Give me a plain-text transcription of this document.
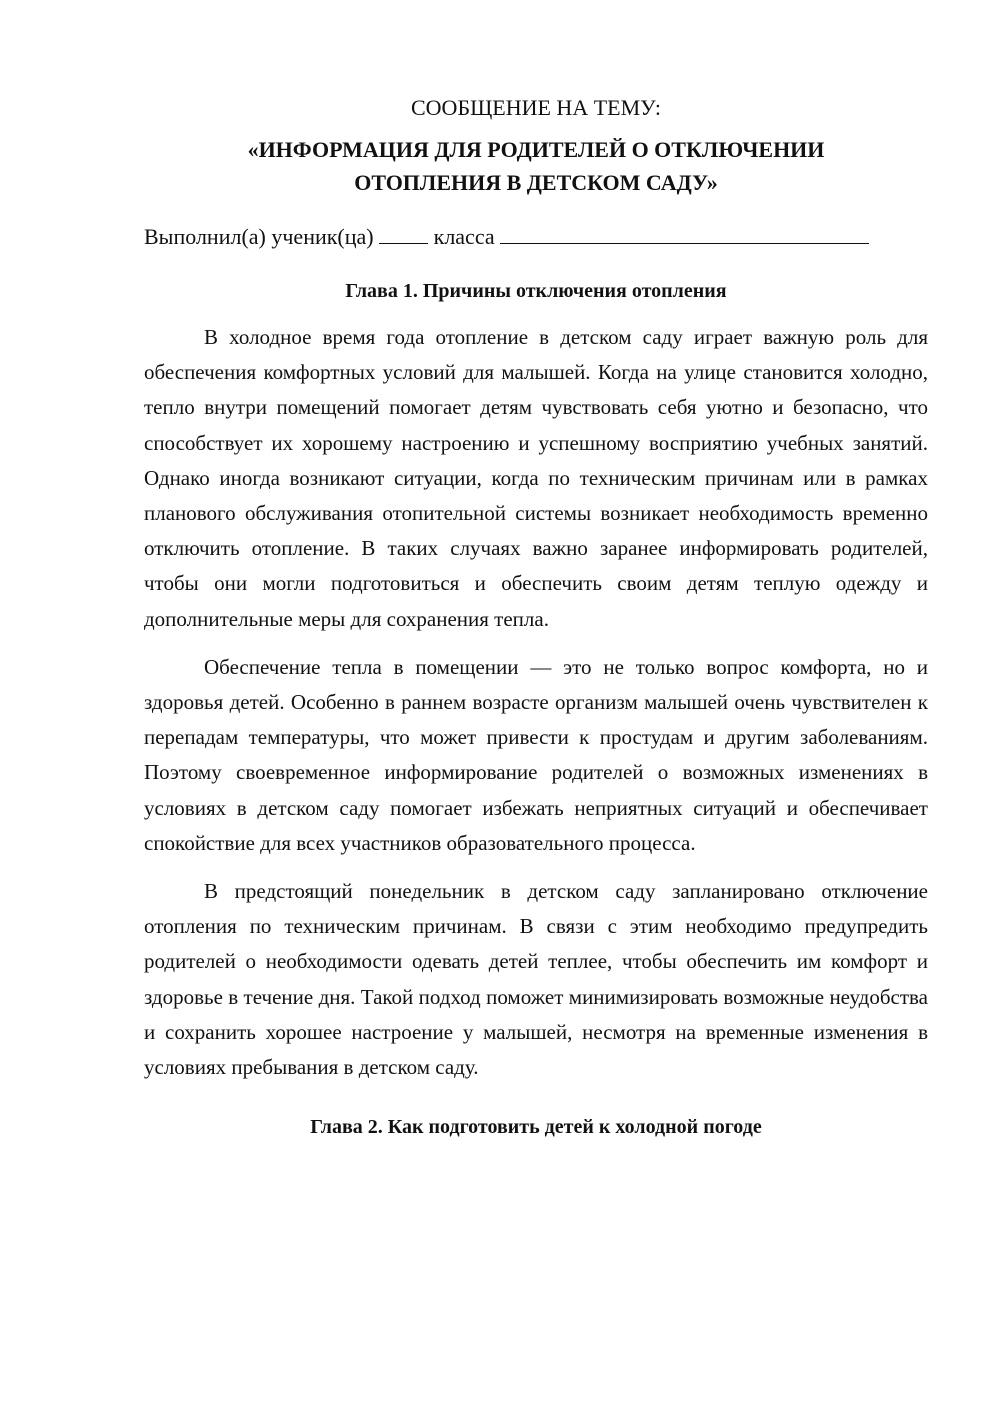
СООБЩЕНИЕ НА ТЕМУ:
«ИНФОРМАЦИЯ ДЛЯ РОДИТЕЛЕЙ О ОТКЛЮЧЕНИИ
ОТОПЛЕНИЯ В ДЕТСКОМ САДУ»
Выполнил(а) ученик(ца)	класса
Глава 1. Причины отключения отопления

В холодное время года отопление в детском саду играет важную роль для обеспечения комфортных условий для малышей. Когда на улице становится холодно, тепло внутри помещений помогает детям чувствовать себя уютно и безопасно, что способствует их хорошему настроению и успешному восприятию учебных занятий. Однако иногда возникают ситуации, когда по техническим причинам или в рамках планового обслуживания отопительной системы возникает необходимость временно отключить отопление. В таких случаях важно заранее информировать родителей, чтобы они могли подготовиться и обеспечить своим детям теплую одежду и дополнительные меры для сохранения тепла.

Обеспечение тепла в помещении — это не только вопрос комфорта, но и здоровья детей. Особенно в раннем возрасте организм малышей очень чувствителен к перепадам температуры, что может привести к простудам и другим заболеваниям. Поэтому своевременное информирование родителей о возможных изменениях в условиях в детском саду помогает избежать неприятных ситуаций и обеспечивает спокойствие для всех участников образовательного процесса.

В предстоящий понедельник в детском саду запланировано отключение отопления по техническим причинам. В связи с этим необходимо предупредить родителей о необходимости одевать детей теплее, чтобы обеспечить им комфорт и здоровье в течение дня. Такой подход поможет минимизировать возможные неудобства и сохранить хорошее настроение у малышей, несмотря на временные изменения в условиях пребывания в детском саду.

Глава 2. Как подготовить детей к холодной погоде
